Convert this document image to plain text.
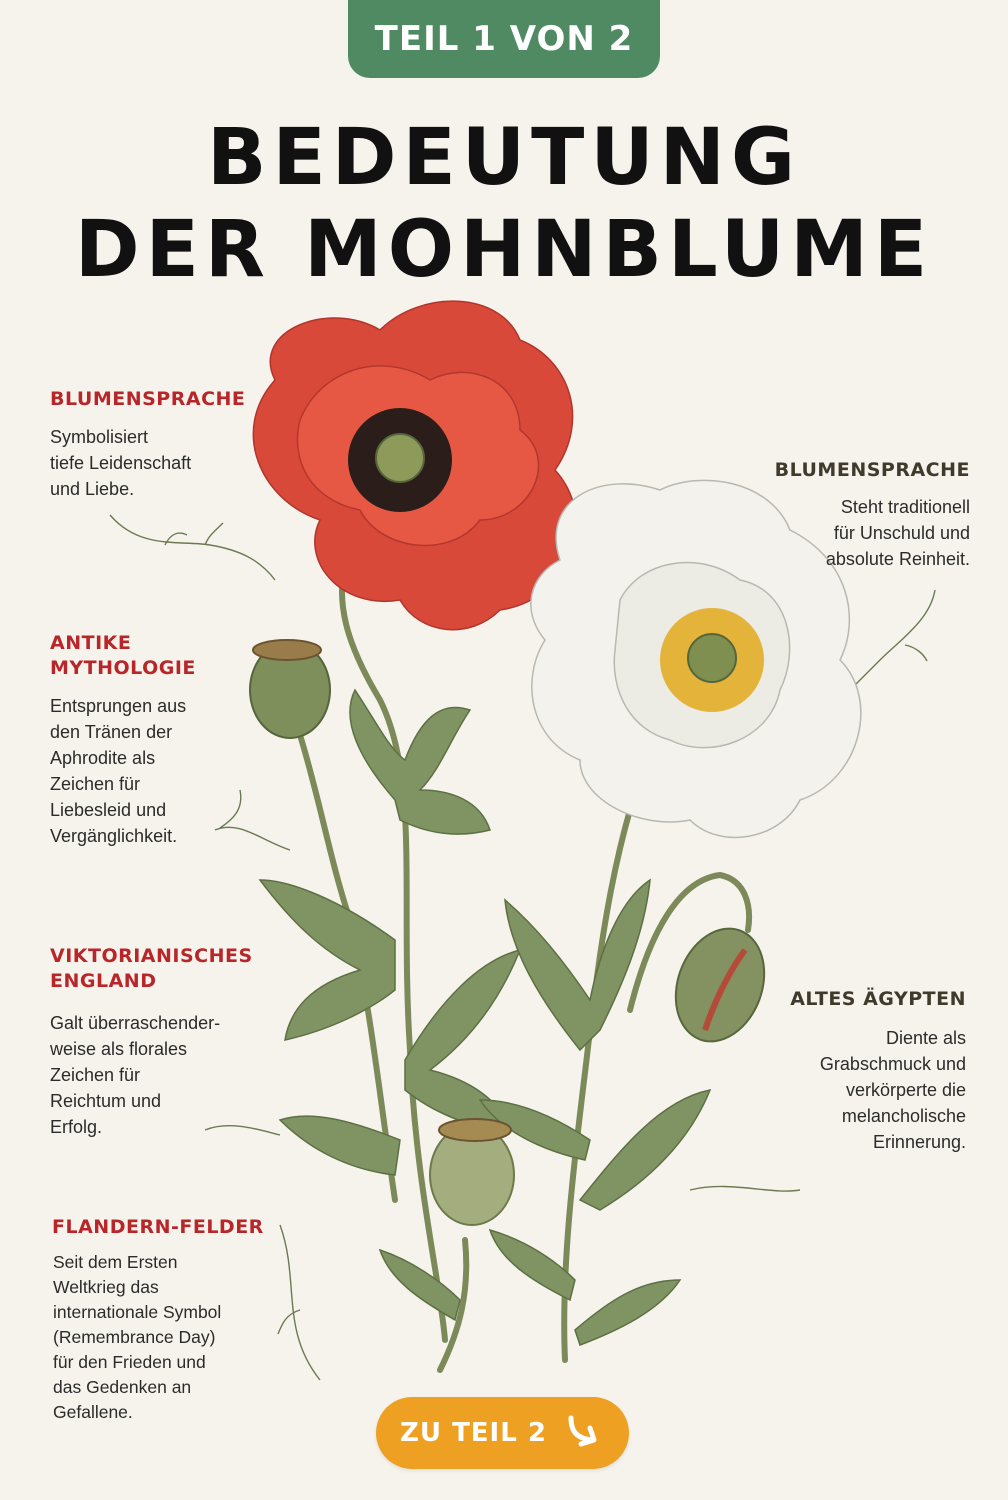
TEIL 1 VON 2
BEDEUTUNG
DER MOHNBLUME
BLUMENSPRACHE
Symbolisiert
tiefe Leidenschaft
und Liebe.
ANTIKE
MYTHOLOGIE
Entsprungen aus
den Tränen der
Aphrodite als
Zeichen für
Liebesleid und
Vergänglichkeit.
VIKTORIANISCHES
ENGLAND
Galt überraschender-
weise als florales
Zeichen für
Reichtum und
Erfolg.
FLANDERN-FELDER
Seit dem Ersten
Weltkrieg das
internationale Symbol
(Remembrance Day)
für den Frieden und
das Gedenken an
Gefallene.
BLUMENSPRACHE
Steht traditionell
für Unschuld und
absolute Reinheit.
ALTES ÄGYPTEN
Diente als
Grabschmuck und
verkörperte die
melancholische
Erinnerung.
ZU TEIL 2
